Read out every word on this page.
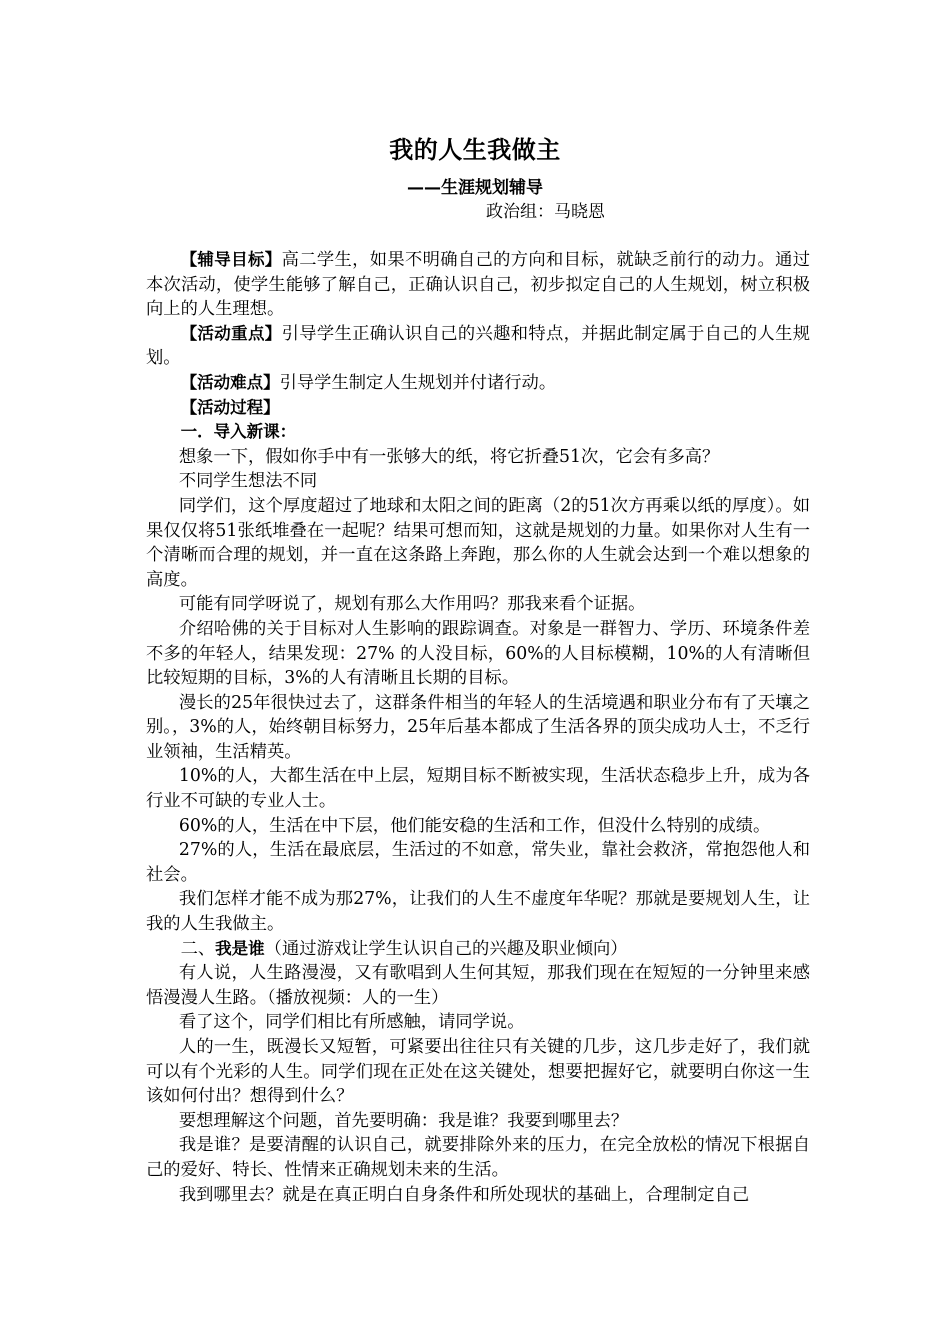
我的人生我做主
——生涯规划辅导
政治组：马晓恩

【辅导目标】高二学生，如果不明确自己的方向和目标，就缺乏前行的动力。通过本次活动，使学生能够了解自己，正确认识自己，初步拟定自己的人生规划，树立积极向上的人生理想。

【活动重点】引导学生正确认识自己的兴趣和特点，并据此制定属于自己的人生规划。

【活动难点】引导学生制定人生规划并付诸行动。

【活动过程】

一．导入新课：

想象一下，假如你手中有一张够大的纸，将它折叠51次，它会有多高？

不同学生想法不同

同学们，这个厚度超过了地球和太阳之间的距离（2的51次方再乘以纸的厚度）。如果仅仅将51张纸堆叠在一起呢？结果可想而知，这就是规划的力量。如果你对人生有一个清晰而合理的规划，并一直在这条路上奔跑，那么你的人生就会达到一个难以想象的高度。

可能有同学呀说了，规划有那么大作用吗？那我来看个证据。

介绍哈佛的关于目标对人生影响的跟踪调查。对象是一群智力、学历、环境条件差不多的年轻人，结果发现：27% 的人没目标，60%的人目标模糊，10%的人有清晰但比较短期的目标，3%的人有清晰且长期的目标。

漫长的25年很快过去了，这群条件相当的年轻人的生活境遇和职业分布有了天壤之别。，3%的人，始终朝目标努力，25年后基本都成了生活各界的顶尖成功人士，不乏行业领袖，生活精英。

10%的人，大都生活在中上层，短期目标不断被实现，生活状态稳步上升，成为各行业不可缺的专业人士。

60%的人，生活在中下层，他们能安稳的生活和工作，但没什么特别的成绩。

27%的人，生活在最底层，生活过的不如意，常失业，靠社会救济，常抱怨他人和社会。

我们怎样才能不成为那27%，让我们的人生不虚度年华呢？那就是要规划人生，让我的人生我做主。

二、我是谁（通过游戏让学生认识自己的兴趣及职业倾向）

有人说，人生路漫漫，又有歌唱到人生何其短，那我们现在在短短的一分钟里来感悟漫漫人生路。（播放视频：人的一生）

看了这个，同学们相比有所感触，请同学说。

人的一生，既漫长又短暂，可紧要出往往只有关键的几步，这几步走好了，我们就可以有个光彩的人生。同学们现在正处在这关键处，想要把握好它，就要明白你这一生该如何付出？想得到什么？

要想理解这个问题，首先要明确：我是谁？我要到哪里去？

我是谁？是要清醒的认识自己，就要排除外来的压力，在完全放松的情况下根据自己的爱好、特长、性情来正确规划未来的生活。

我到哪里去？就是在真正明白自身条件和所处现状的基础上，合理制定自己
